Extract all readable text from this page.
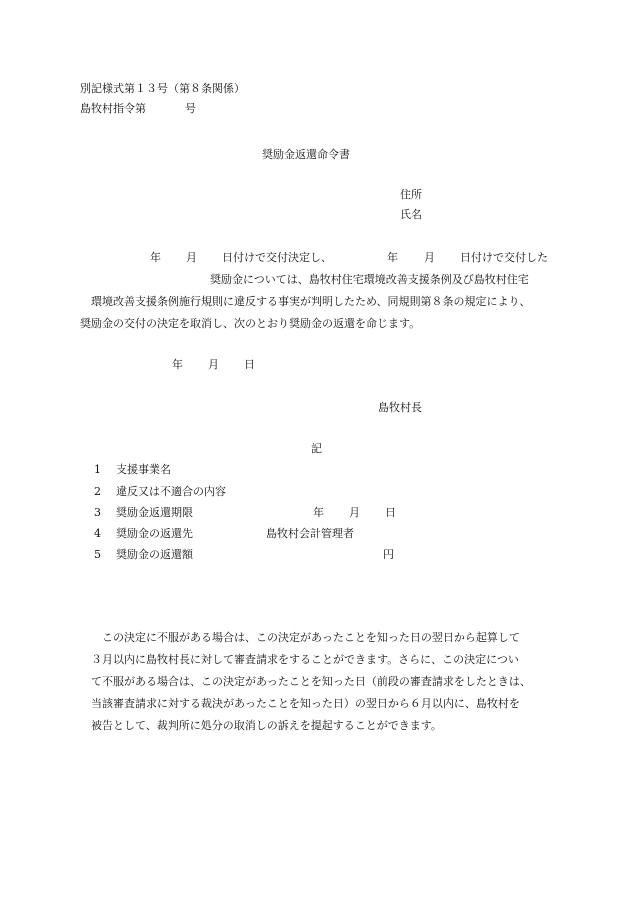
別記様式第１３号（第８条関係）
島牧村指令第	号
奨励金返還命令書
住所
氏名
年 月 日付けで交付決定し、	年 月 日付けで交付した
奨励金については、島牧村住宅環境改善支援条例及び島牧村住宅
環境改善支援条例施行規則に違反する事実が判明したため、同規則第８条の規定により、
奨励金の交付の決定を取消し、次のとおり奨励金の返還を命じます。
年 月 日
島牧村長
記
1 支援事業名
2 違反又は不適合の内容
3 奨励金返還期限	年 月 日
4 奨励金の返還先	島牧村会計管理者
5 奨励金の返還額	円
この決定に不服がある場合は、この決定があったことを知った日の翌日から起算して
３月以内に島牧村長に対して審査請求をすることができます。さらに、この決定につい
て不服がある場合は、この決定があったことを知った日（前段の審査請求をしたときは、
当該審査請求に対する裁決があったことを知った日）の翌日から６月以内に、島牧村を
被告として、裁判所に処分の取消しの訴えを提起することができます。
